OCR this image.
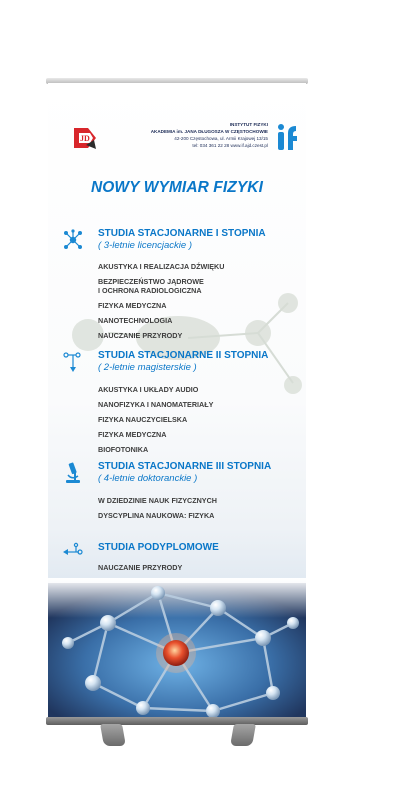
JD
INSTYTUT FIZYKI
AKADEMIA im. JANA DŁUGOSZA W CZĘSTOCHOWIE
42-200 Częstochowa, ul. Armii Krajowej 13/15
tel: 034 361 22 28 www.if.ajd.czest.pl
NOWY WYMIAR FIZYKI
STUDIA STACJONARNE I STOPNIA
( 3-letnie licencjackie )
AKUSTYKA I REALIZACJA DŹWIĘKU
BEZPIECZEŃSTWO JĄDROWE
I OCHRONA RADIOLOGICZNA
FIZYKA MEDYCZNA
NANOTECHNOLOGIA
NAUCZANIE PRZYRODY
STUDIA STACJONARNE II STOPNIA
( 2-letnie magisterskie )
AKUSTYKA I UKŁADY AUDIO
NANOFIZYKA I NANOMATERIAŁY
FIZYKA NAUCZYCIELSKA
FIZYKA MEDYCZNA
BIOFOTONIKA
STUDIA STACJONARNE III STOPNIA
( 4-letnie doktoranckie )
W DZIEDZINIE NAUK FIZYCZNYCH
DYSCYPLINA NAUKOWA: FIZYKA
STUDIA PODYPLOMOWE
NAUCZANIE PRZYRODY
